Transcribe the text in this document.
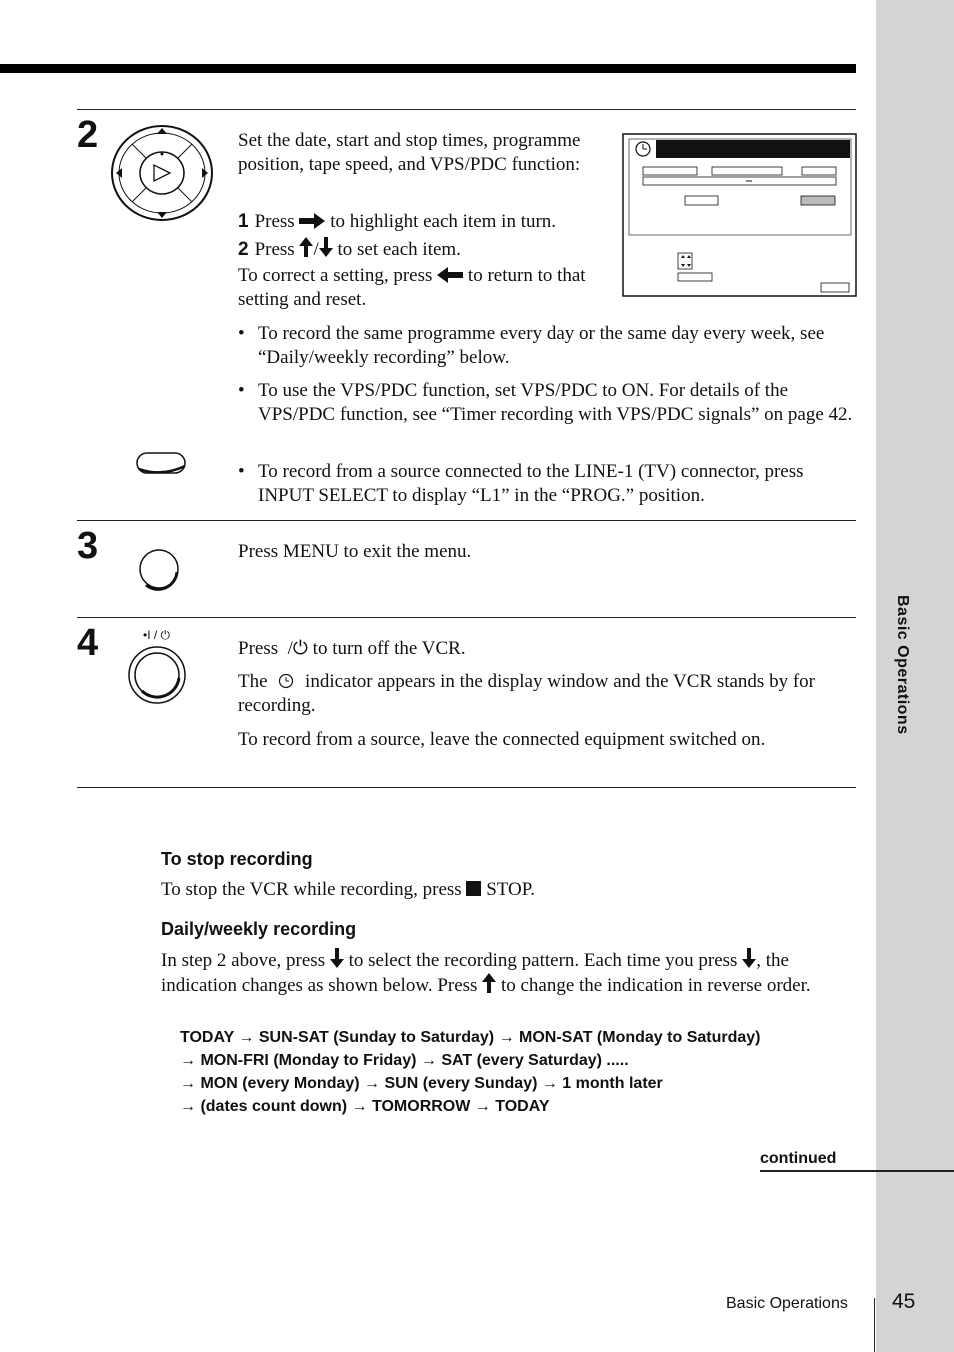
Basic Operations
2	Set the date, start and stop times, programme position, tape speed, and VPS/PDC function:
1 Press to highlight each item in turn.
2 Press / to set each item.
To correct a setting, press to return to that setting and reset.
• To record the same programme every day or the same day every week, see “Daily/weekly recording” below.
• To use the VPS/PDC function, set VPS/PDC to ON. For details of the VPS/PDC function, see “Timer recording with VPS/PDC signals” on page 42.
• To record from a source connected to the LINE-1 (TV) connector, press INPUT SELECT to display “L1” in the “PROG.” position.
3	Press MENU to exit the menu.
4	•I / ⏻
Press /⏻ to turn off the VCR.
The indicator appears in the display window and the VCR stands by for recording.
To record from a source, leave the connected equipment switched on.
To stop recording
To stop the VCR while recording, press STOP.
Daily/weekly recording
In step 2 above, press to select the recording pattern. Each time you press , the indication changes as shown below. Press to change the indication in reverse order.
TODAY → SUN-SAT (Sunday to Saturday) → MON-SAT (Monday to Saturday)
→ MON-FRI (Monday to Friday) → SAT (every Saturday) .....
→ MON (every Monday) → SUN (every Sunday) → 1 month later
→ (dates count down) → TOMORROW → TODAY
continued
Basic Operations 45
